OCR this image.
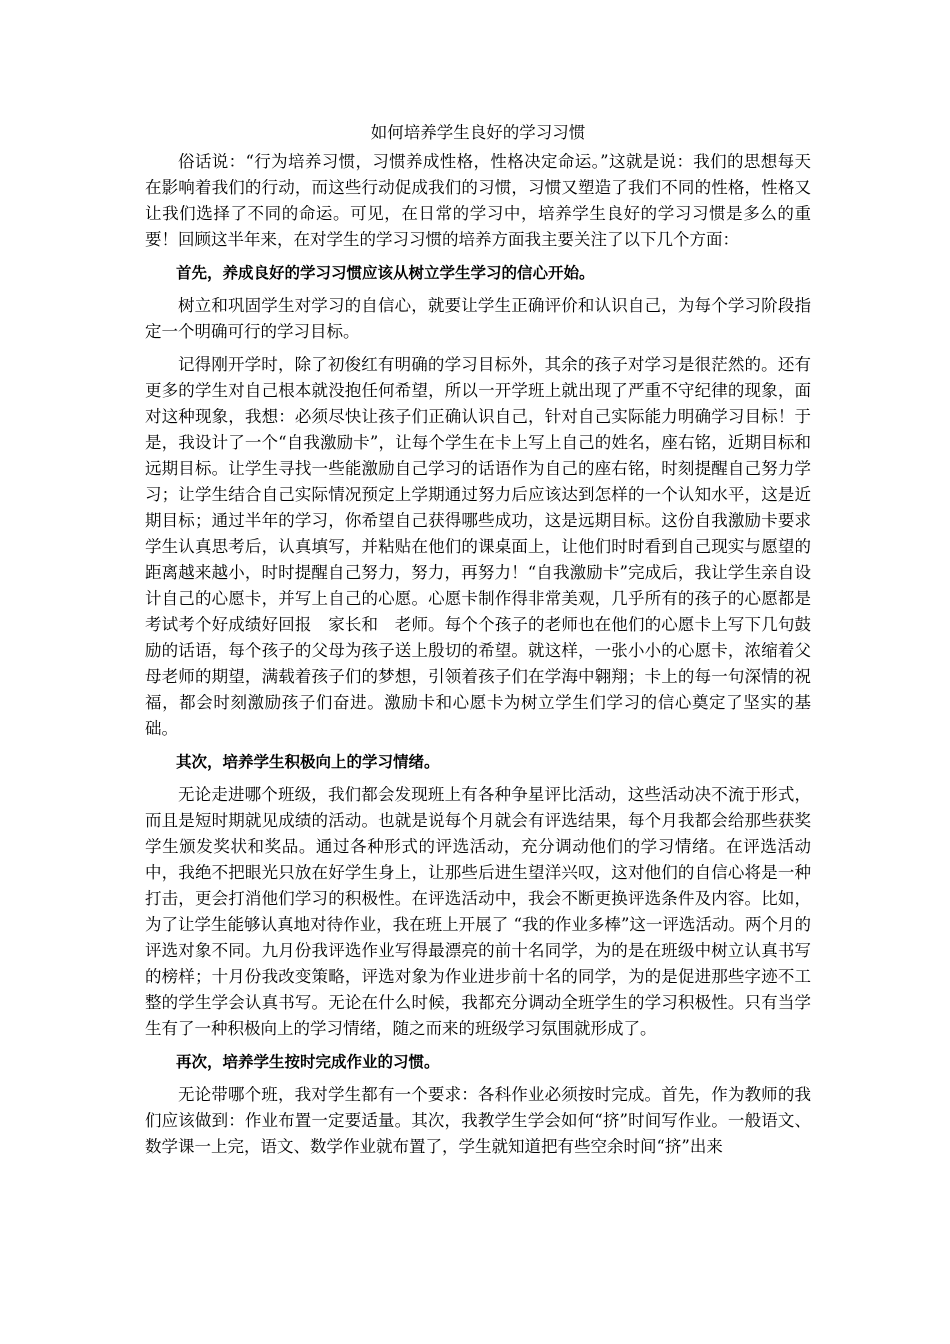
如何培养学生良好的学习习惯

俗话说：“行为培养习惯，习惯养成性格，性格决定命运。”这就是说：我们的思想每天在影响着我们的行动，而这些行动促成我们的习惯，习惯又塑造了我们不同的性格，性格又让我们选择了不同的命运。可见，在日常的学习中，培养学生良好的学习习惯是多么的重要！回顾这半年来，在对学生的学习习惯的培养方面我主要关注了以下几个方面：

首先，养成良好的学习习惯应该从树立学生学习的信心开始。

树立和巩固学生对学习的自信心，就要让学生正确评价和认识自己，为每个学习阶段指定一个明确可行的学习目标。

记得刚开学时，除了初俊红有明确的学习目标外，其余的孩子对学习是很茫然的。还有更多的学生对自己根本就没抱任何希望，所以一开学班上就出现了严重不守纪律的现象，面对这种现象，我想：必须尽快让孩子们正确认识自己，针对自己实际能力明确学习目标！于是，我设计了一个“自我激励卡”，让每个学生在卡上写上自己的姓名，座右铭，近期目标和远期目标。让学生寻找一些能激励自己学习的话语作为自己的座右铭，时刻提醒自己努力学习；让学生结合自己实际情况预定上学期通过努力后应该达到怎样的一个认知水平，这是近期目标；通过半年的学习，你希望自己获得哪些成功，这是远期目标。这份自我激励卡要求学生认真思考后，认真填写，并粘贴在他们的课桌面上，让他们时时看到自己现实与愿望的距离越来越小，时时提醒自己努力，努力，再努力！“自我激励卡”完成后，我让学生亲自设计自己的心愿卡，并写上自己的心愿。心愿卡制作得非常美观，几乎所有的孩子的心愿都是考试考个好成绩好回报　家长和　老师。每个个孩子的老师也在他们的心愿卡上写下几句鼓励的话语，每个孩子的父母为孩子送上殷切的希望。就这样，一张小小的心愿卡，浓缩着父母老师的期望，满载着孩子们的梦想，引领着孩子们在学海中翱翔；卡上的每一句深情的祝福，都会时刻激励孩子们奋进。激励卡和心愿卡为树立学生们学习的信心奠定了坚实的基础。

其次，培养学生积极向上的学习情绪。

无论走进哪个班级，我们都会发现班上有各种争星评比活动，这些活动决不流于形式，而且是短时期就见成绩的活动。也就是说每个月就会有评选结果，每个月我都会给那些获奖学生颁发奖状和奖品。通过各种形式的评选活动，充分调动他们的学习情绪。在评选活动中，我绝不把眼光只放在好学生身上，让那些后进生望洋兴叹，这对他们的自信心将是一种打击，更会打消他们学习的积极性。在评选活动中，我会不断更换评选条件及内容。比如，为了让学生能够认真地对待作业，我在班上开展了 “我的作业多棒”这一评选活动。两个月的评选对象不同。九月份我评选作业写得最漂亮的前十名同学，为的是在班级中树立认真书写的榜样；十月份我改变策略，评选对象为作业进步前十名的同学，为的是促进那些字迹不工整的学生学会认真书写。无论在什么时候，我都充分调动全班学生的学习积极性。只有当学生有了一种积极向上的学习情绪，随之而来的班级学习氛围就形成了。

再次，培养学生按时完成作业的习惯。

无论带哪个班，我对学生都有一个要求：各科作业必须按时完成。首先，作为教师的我们应该做到：作业布置一定要适量。其次，我教学生学会如何“挤”时间写作业。一般语文、数学课一上完，语文、数学作业就布置了，学生就知道把有些空余时间“挤”出来
